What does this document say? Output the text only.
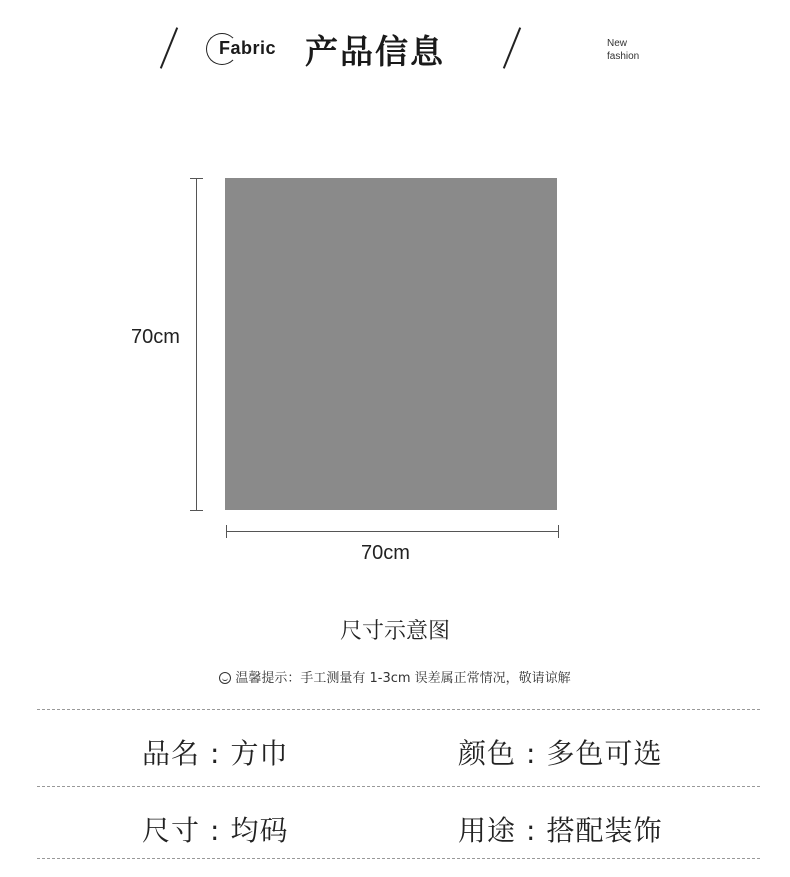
Fabric 产品信息	New
fashion
70cm
70cm
尺寸示意图
温馨提示：手工测量有 1-3cm 误差属正常情况，敬请谅解
品名 : 方巾	颜色 : 多色可选
尺寸 : 均码	用途 : 搭配装饰
